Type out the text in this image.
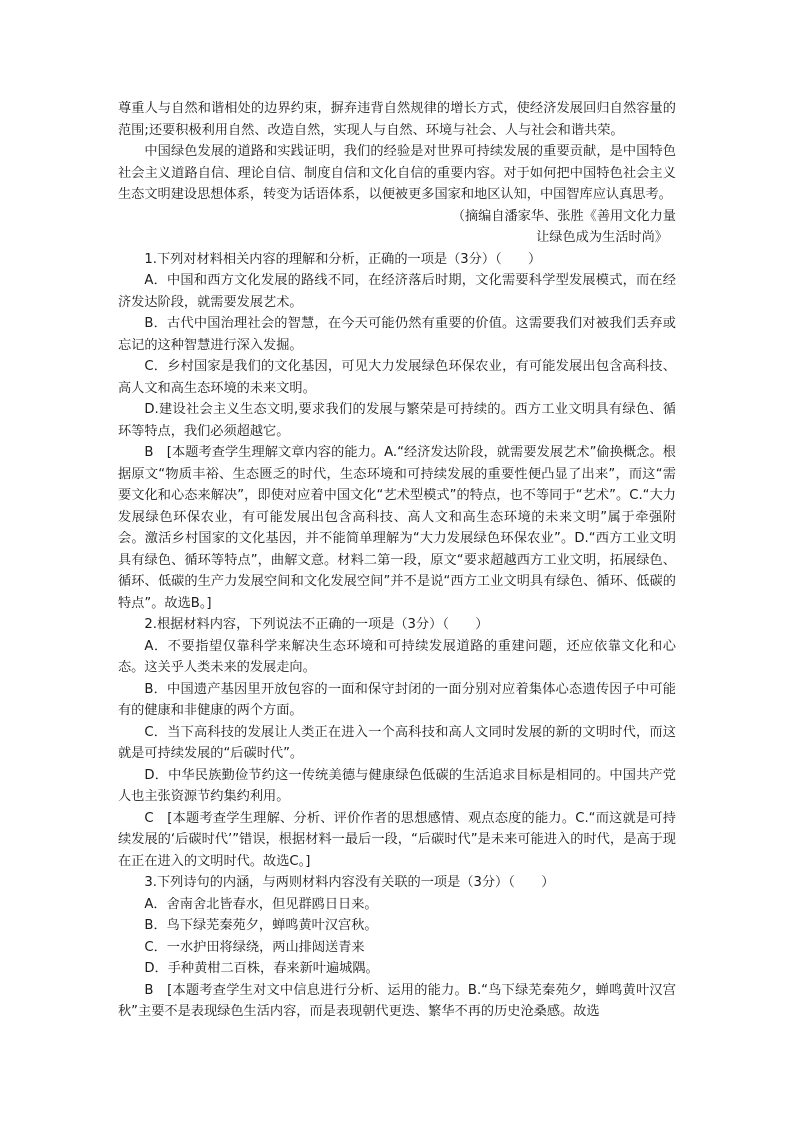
尊重人与自然和谐相处的边界约束，摒弃违背自然规律的增长方式，使经济发展回归自然容量的范围;还要积极利用自然、改造自然，实现人与自然、环境与社会、人与社会和谐共荣。

中国绿色发展的道路和实践证明，我们的经验是对世界可持续发展的重要贡献，是中国特色社会主义道路自信、理论自信、制度自信和文化自信的重要内容。对于如何把中国特色社会主义生态文明建设思想体系，转变为话语体系，以便被更多国家和地区认知，中国智库应认真思考。

（摘编自潘家华、张胜《善用文化力量

让绿色成为生活时尚》

1.下列对材料相关内容的理解和分析，正确的一项是（3分）（　　）

A．中国和西方文化发展的路线不同，在经济落后时期，文化需要科学型发展模式，而在经济发达阶段，就需要发展艺术。

B．古代中国治理社会的智慧，在今天可能仍然有重要的价值。这需要我们对被我们丢弃或忘记的这种智慧进行深入发掘。

C．乡村国家是我们的文化基因，可见大力发展绿色环保农业，有可能发展出包含高科技、高人文和高生态环境的未来文明。

D.建设社会主义生态文明,要求我们的发展与繁荣是可持续的。西方工业文明具有绿色、循环等特点，我们必须超越它。

B　[本题考查学生理解文章内容的能力。A.“经济发达阶段，就需要发展艺术”偷换概念。根据原文“物质丰裕、生态匮乏的时代，生态环境和可持续发展的重要性便凸显了出来”，而这“需要文化和心态来解决”，即使对应着中国文化“艺术型模式”的特点，也不等同于“艺术”。C.“大力发展绿色环保农业，有可能发展出包含高科技、高人文和高生态环境的未来文明”属于牵强附会。激活乡村国家的文化基因，并不能简单理解为“大力发展绿色环保农业”。D.“西方工业文明具有绿色、循环等特点”，曲解文意。材料二第一段，原文“要求超越西方工业文明，拓展绿色、循环、低碳的生产力发展空间和文化发展空间”并不是说“西方工业文明具有绿色、循环、低碳的特点”。故选B。]

2.根据材料内容，下列说法不正确的一项是（3分）（　　）

A．不要指望仅靠科学来解决生态环境和可持续发展道路的重建问题，还应依靠文化和心态。这关乎人类未来的发展走向。

B．中国遗产基因里开放包容的一面和保守封闭的一面分别对应着集体心态遗传因子中可能有的健康和非健康的两个方面。

C．当下高科技的发展让人类正在进入一个高科技和高人文同时发展的新的文明时代，而这就是可持续发展的“后碳时代”。

D．中华民族勤俭节约这一传统美德与健康绿色低碳的生活追求目标是相同的。中国共产党人也主张资源节约集约利用。

C　[本题考查学生理解、分析、评价作者的思想感情、观点态度的能力。C.“而这就是可持续发展的‘后碳时代’”错误，根据材料一最后一段，“后碳时代”是未来可能进入的时代，是高于现在正在进入的文明时代。故选C。]

3.下列诗句的内涵，与两则材料内容没有关联的一项是（3分）（　　）

A．舍南舍北皆春水，但见群鸥日日来。

B．鸟下绿芜秦苑夕，蝉鸣黄叶汉宫秋。

C．一水护田将绿绕，两山排闼送青来

D．手种黄柑二百株，春来新叶遍城隅。

B　[本题考查学生对文中信息进行分析、运用的能力。B.“鸟下绿芜秦苑夕，蝉鸣黄叶汉宫秋”主要不是表现绿色生活内容，而是表现朝代更迭、繁华不再的历史沧桑感。故选
